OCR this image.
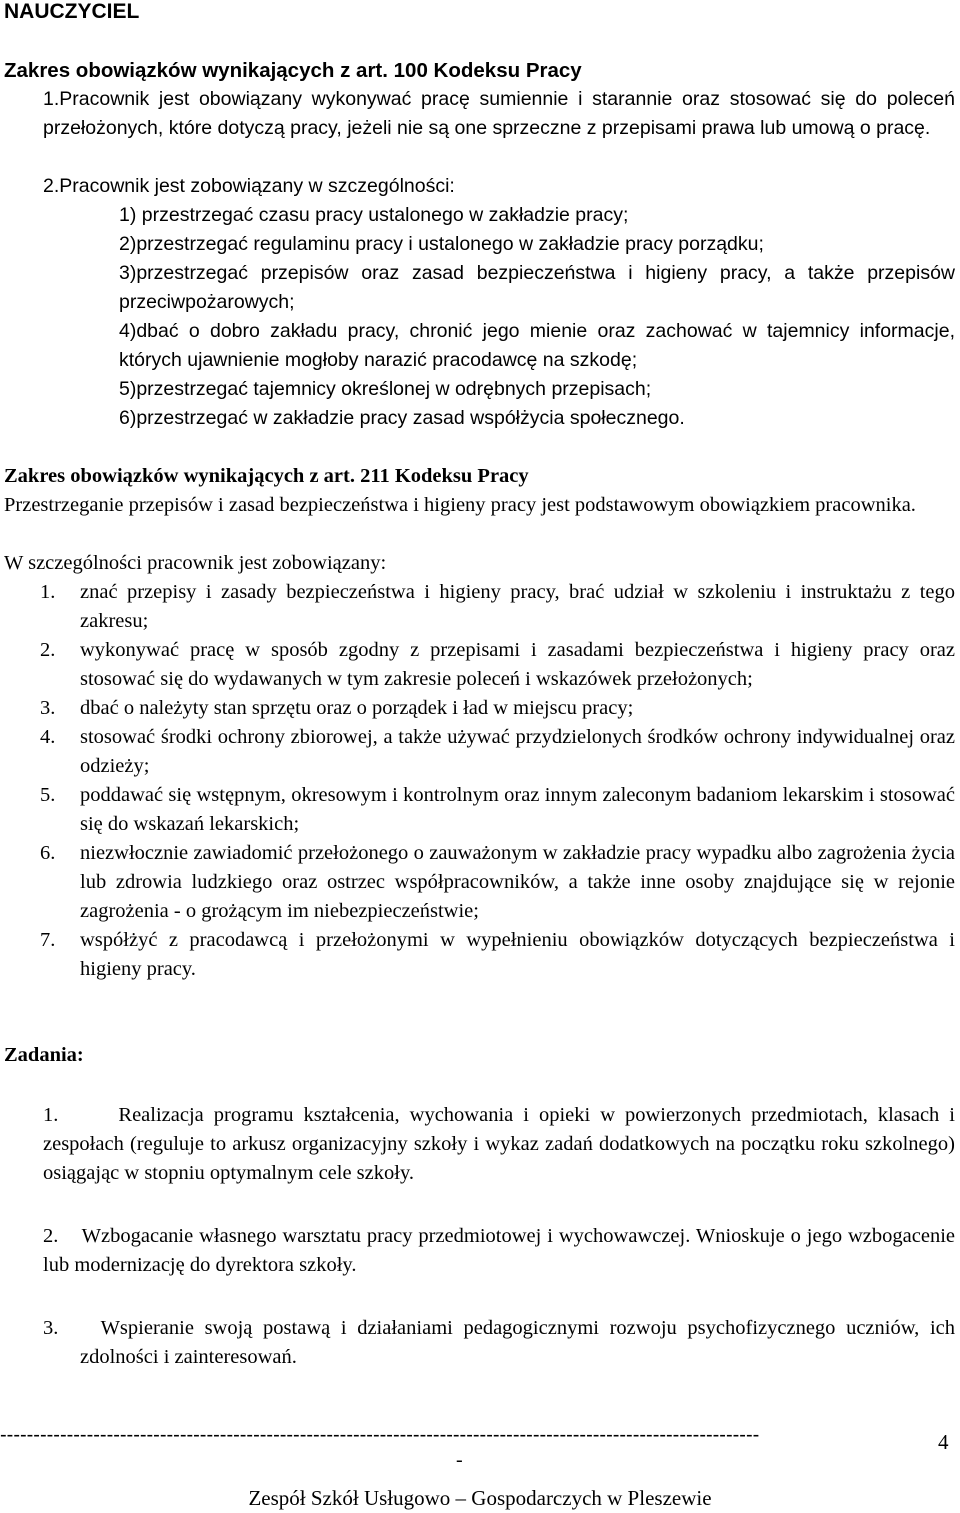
NAUCZYCIEL
Zakres obowiązków wynikających z art. 100 Kodeksu Pracy
1.Pracownik jest obowiązany wykonywać pracę sumiennie i starannie oraz stosować się do poleceń przełożonych, które dotyczą pracy, jeżeli nie są one sprzeczne z przepisami prawa lub umową o pracę.
2.Pracownik jest zobowiązany w szczególności:
1) przestrzegać czasu pracy ustalonego w zakładzie pracy;
2)przestrzegać regulaminu pracy i ustalonego w zakładzie pracy porządku;
3)przestrzegać przepisów oraz zasad bezpieczeństwa i higieny pracy, a także przepisów przeciwpożarowych;
4)dbać o dobro zakładu pracy, chronić jego mienie oraz zachować w tajemnicy informacje, których ujawnienie mogłoby narazić pracodawcę na szkodę;
5)przestrzegać tajemnicy określonej w odrębnych przepisach;
6)przestrzegać w zakładzie pracy zasad współżycia społecznego.
Zakres obowiązków wynikających z art. 211 Kodeksu Pracy
Przestrzeganie przepisów i zasad bezpieczeństwa i higieny pracy jest podstawowym obowiązkiem pracownika.
W szczególności pracownik jest zobowiązany:
1. znać przepisy i zasady bezpieczeństwa i higieny pracy, brać udział w szkoleniu i instruktażu z tego zakresu;
2. wykonywać pracę w sposób zgodny z przepisami i zasadami bezpieczeństwa i higieny pracy oraz stosować się do wydawanych w tym zakresie poleceń i wskazówek przełożonych;
3. dbać o należyty stan sprzętu oraz o porządek i ład w miejscu pracy;
4. stosować środki ochrony zbiorowej, a także używać przydzielonych środków ochrony indywidualnej oraz odzieży;
5. poddawać się wstępnym, okresowym i kontrolnym oraz innym zaleconym badaniom lekarskim i stosować się do wskazań lekarskich;
6. niezwłocznie zawiadomić przełożonego o zauważonym w zakładzie pracy wypadku albo zagrożenia życia lub zdrowia ludzkiego oraz ostrzec współpracowników, a także inne osoby znajdujące się w rejonie zagrożenia - o grożącym im niebezpieczeństwie;
7. współżyć z pracodawcą i przełożonymi w wypełnieniu obowiązków dotyczących bezpieczeństwa i higieny pracy.
Zadania:

1.      Realizacja programu kształcenia, wychowania i opieki w powierzonych przedmiotach, klasach i zespołach (reguluje to arkusz organizacyjny szkoły i wykaz zadań dodatkowych na początku roku szkolnego) osiągając w stopniu optymalnym cele szkoły.

2.    Wzbogacanie własnego warsztatu pracy przedmiotowej i wychowawczej. Wnioskuje o jego wzbogacenie lub modernizację do dyrektora szkoły.

3.    Wspieranie swoją postawą i działaniami pedagogicznymi rozwoju psychofizycznego uczniów, ich zdolności i zainteresowań.

------------------------------------------------------------------------------------------------------------------	4
-
Zespół Szkół Usługowo – Gospodarczych w Pleszewie
